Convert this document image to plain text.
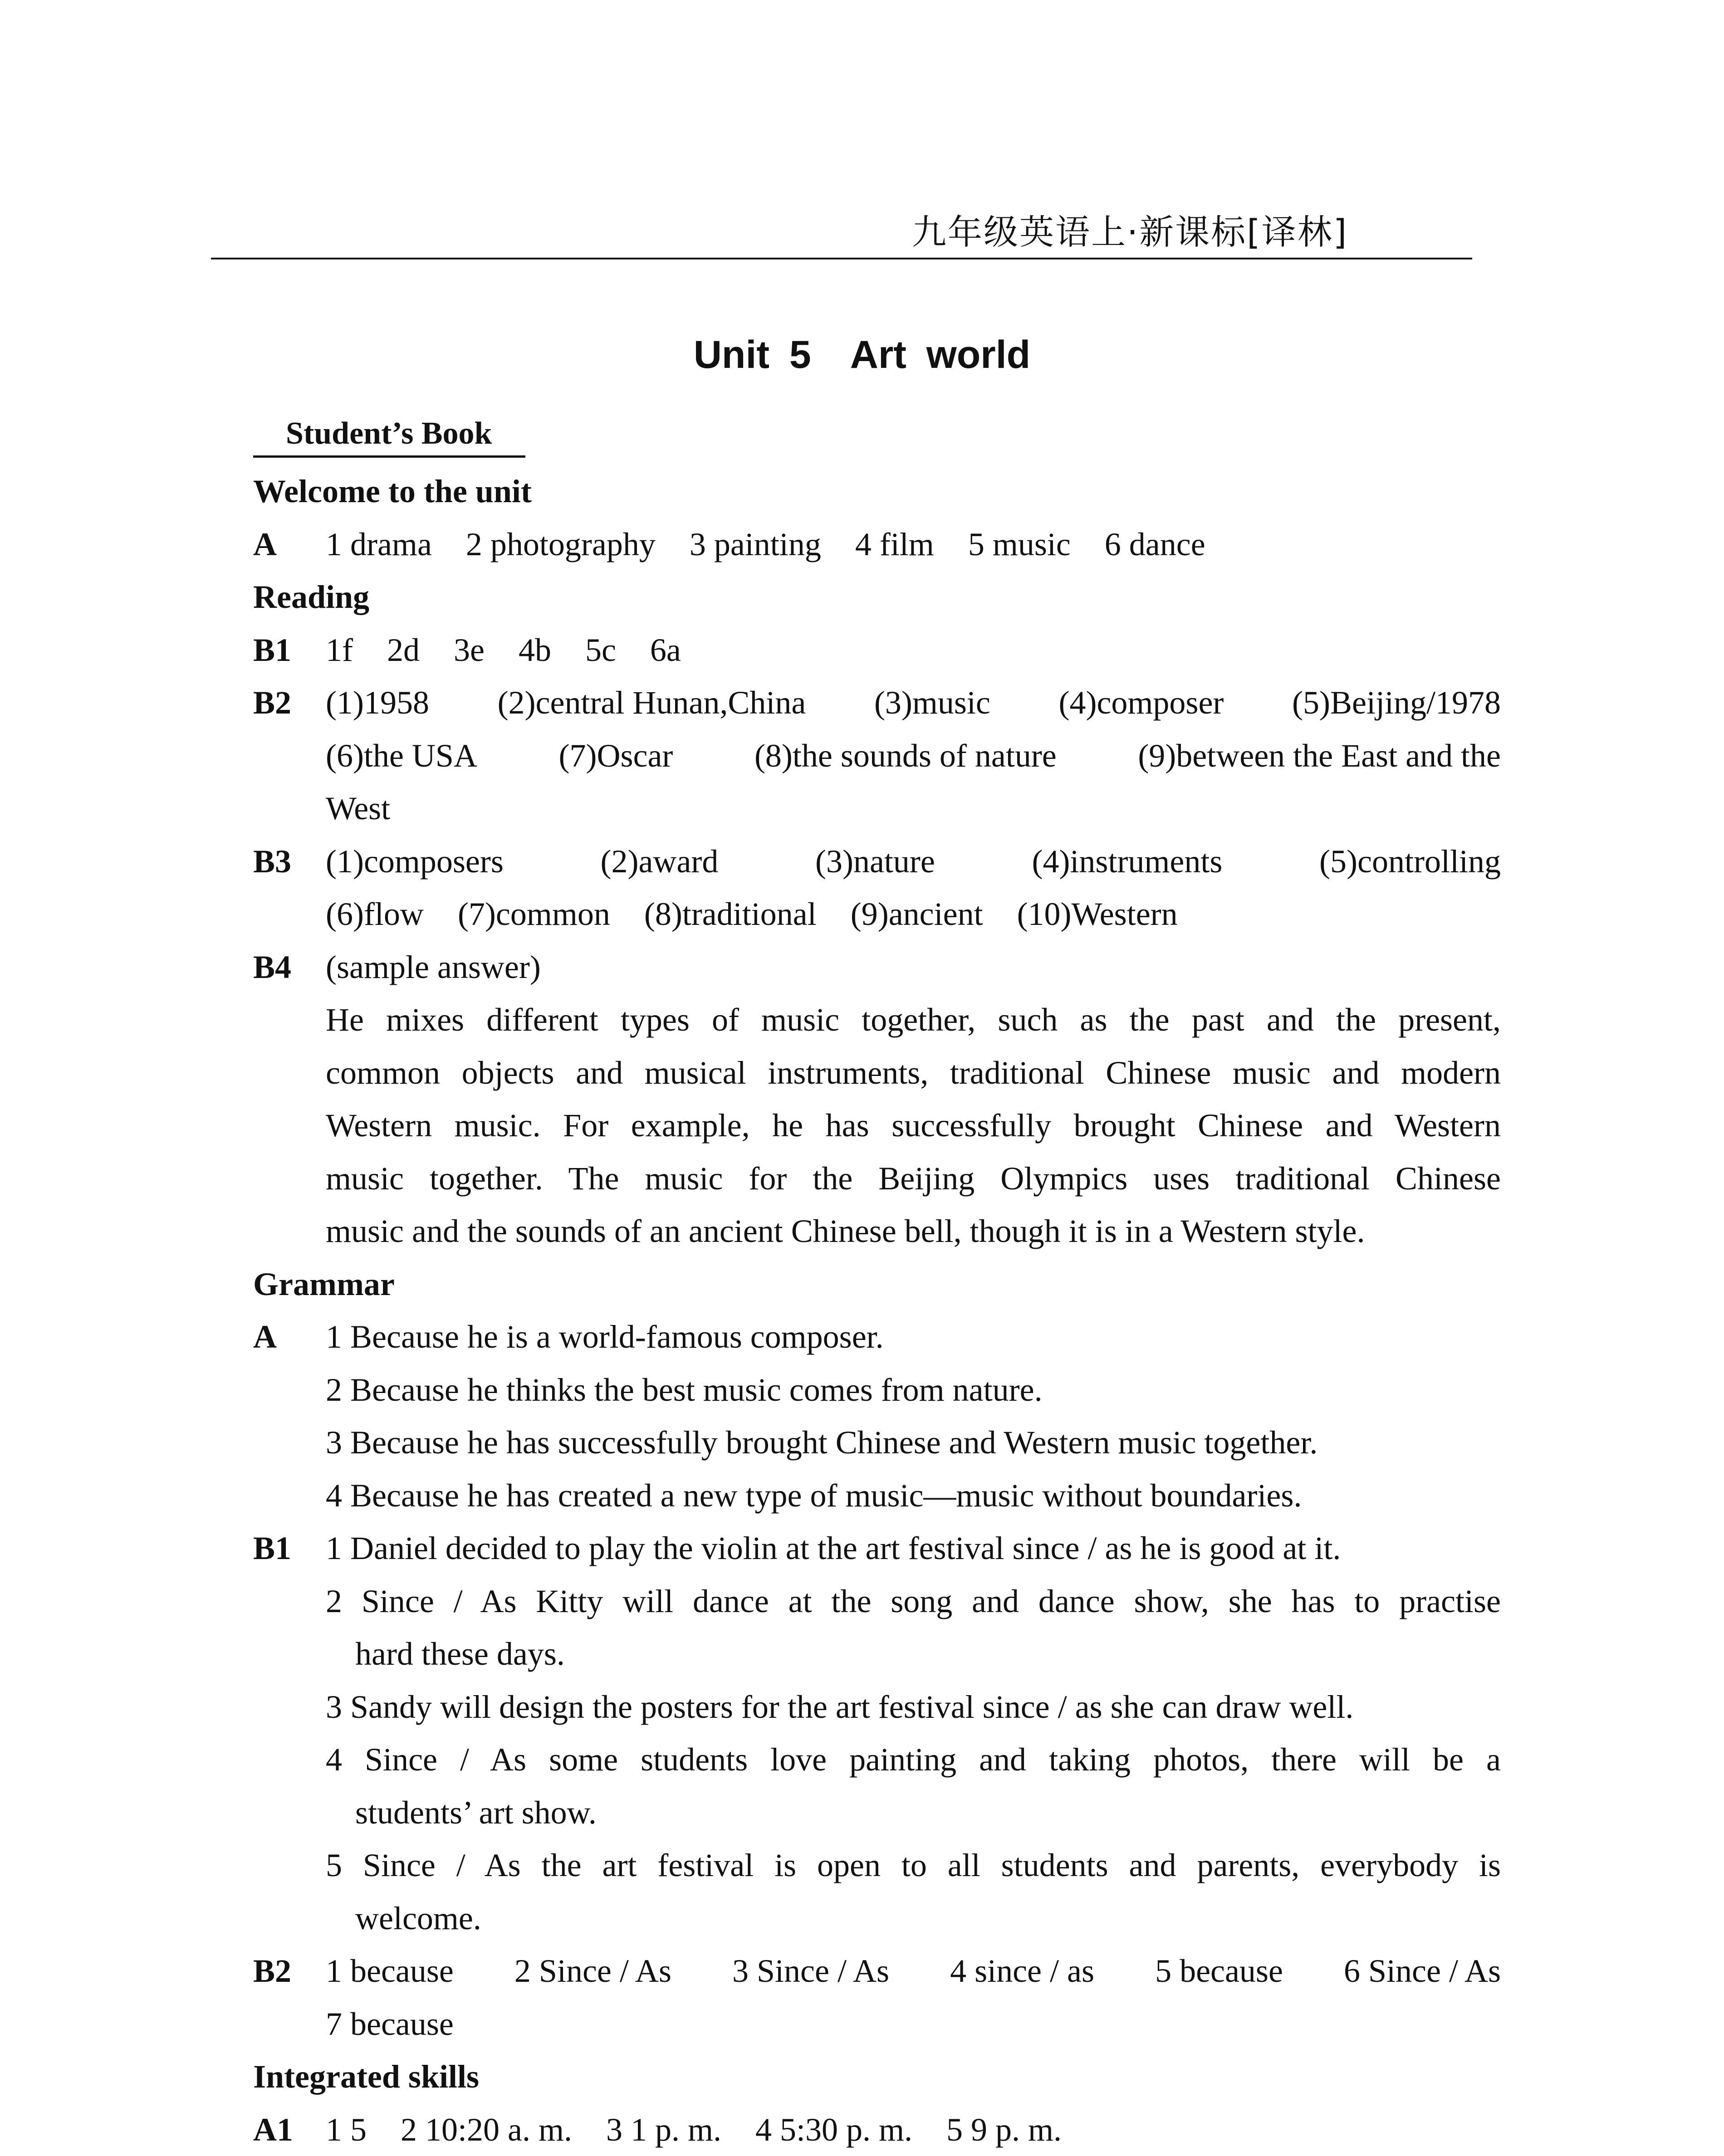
九年级英语上·新课标[译林]
Unit 5 Art world
Student’s Book
Welcome to the unit
A 1 drama 2 photography 3 painting 4 film 5 music 6 dance
Reading
B1 1f 2d 3e 4b 5c 6a
B2 (1)1958 (2)central Hunan,China (3)music (4)composer (5)Beijing/1978
(6)the USA (7)Oscar (8)the sounds of nature (9)between the East and the
West
B3 (1)composers	(2)award	(3)nature	(4)instruments	(5)controlling
(6)flow (7)common (8)traditional (9)ancient (10)Western
B4 (sample answer)
He mixes different types of music together, such as the past and the present,
common objects and musical instruments, traditional Chinese music and modern
Western music. For example, he has successfully brought Chinese and Western
music together. The music for the Beijing Olympics uses traditional Chinese
music and the sounds of an ancient Chinese bell, though it is in a Western style.
Grammar
A 1 Because he is a world-famous composer.
2 Because he thinks the best music comes from nature.
3 Because he has successfully brought Chinese and Western music together.
4 Because he has created a new type of music—music without boundaries.
B1 1 Daniel decided to play the violin at the art festival since / as he is good at it.
2 Since / As Kitty will dance at the song and dance show, she has to practise
hard these days.
3 Sandy will design the posters for the art festival since / as she can draw well.
4 Since / As some students love painting and taking photos, there will be a
students’ art show.
5 Since / As the art festival is open to all students and parents, everybody is
welcome.
B2 1 because 2 Since / As 3 Since / As 4 since / as 5 because 6 Since / As
7 because
Integrated skills
A1 1 5 2 10:20 a. m. 3 1 p. m. 4 5:30 p. m. 5 9 p. m.
